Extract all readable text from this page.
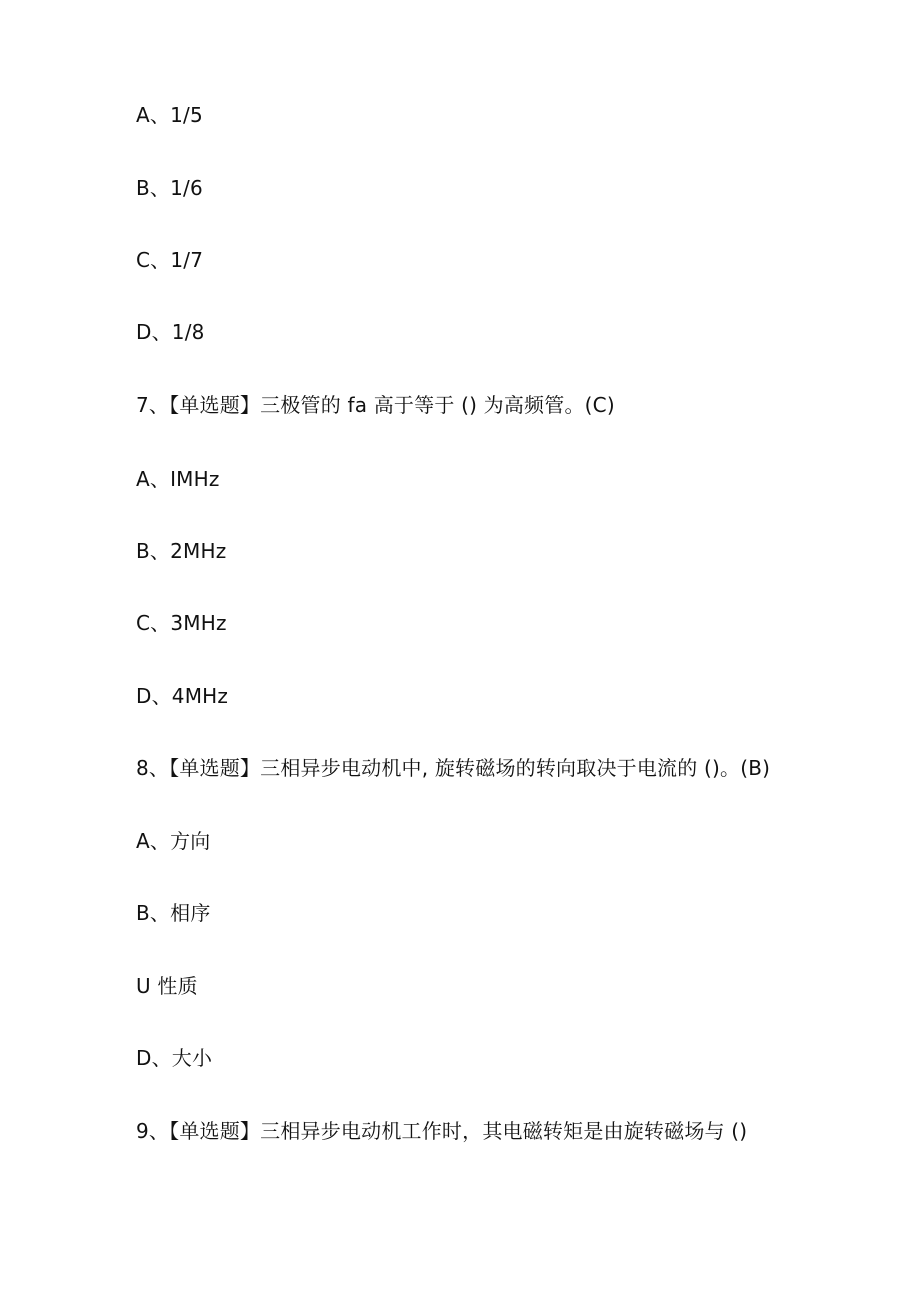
A、1/5
B、1/6
C、1/7
D、1/8
7、【单选题】三极管的 fa 高于等于 () 为高频管。(C)
A、IMHz
B、2MHz
C、3MHz
D、4MHz
8、【单选题】三相异步电动机中, 旋转磁场的转向取决于电流的 ()。(B)
A、方向
B、相序
U 性质
D、大小
9、【单选题】三相异步电动机工作时，其电磁转矩是由旋转磁场与 ()
